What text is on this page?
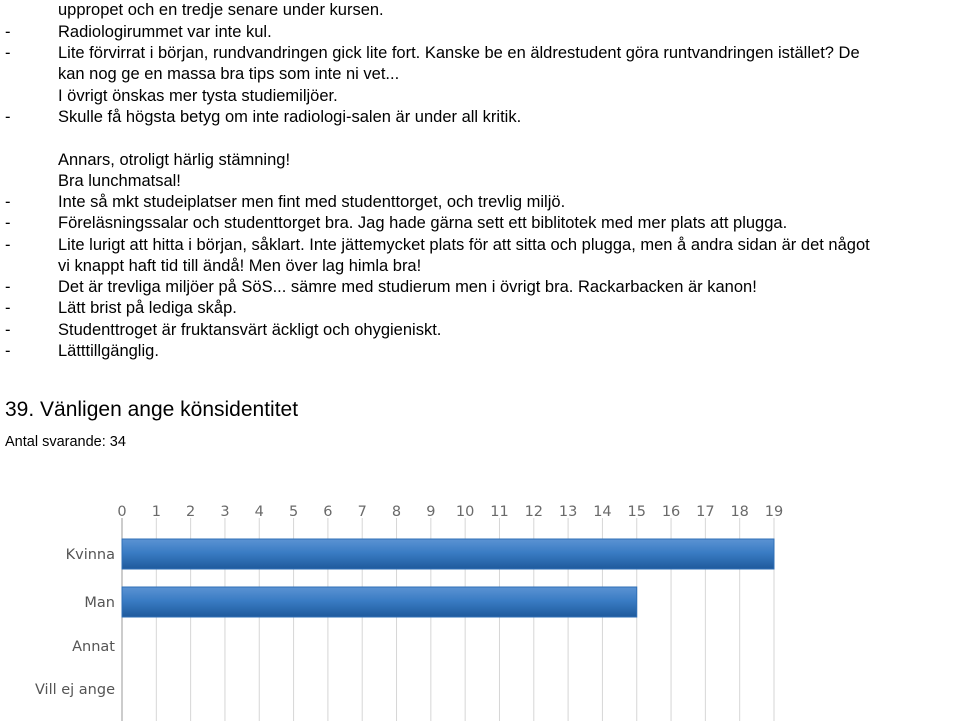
uppropet och en tredje senare under kursen.
-	Radiologirummet var inte kul.
-	Lite förvirrat i början, rundvandringen gick lite fort. Kanske be en äldrestudent göra runtvandringen istället? De
kan nog ge en massa bra tips som inte ni vet...
I övrigt önskas mer tysta studiemiljöer.
-	Skulle få högsta betyg om inte radiologi-salen är under all kritik.
Annars, otroligt härlig stämning!
Bra lunchmatsal!
-	Inte så mkt studeiplatser men fint med studenttorget, och trevlig miljö.
-	Föreläsningssalar och studenttorget bra. Jag hade gärna sett ett biblitotek med mer plats att plugga.
-	Lite lurigt att hitta i början, såklart. Inte jättemycket plats för att sitta och plugga, men å andra sidan är det något
vi knappt haft tid till ändå! Men över lag himla bra!
-	Det är trevliga miljöer på SöS... sämre med studierum men i övrigt bra. Rackarbacken är kanon!
-	Lätt brist på lediga skåp.
-	Studenttroget är fruktansvärt äckligt och ohygieniskt.
-	Lätttillgänglig.
39. Vänligen ange könsidentitet
Antal svarande: 34
0 1 2 3 4 5 6 7 8 9 10 11 12 13 14 15 16 17 18 19
Kvinna
Man
Annat
Vill ej ange
